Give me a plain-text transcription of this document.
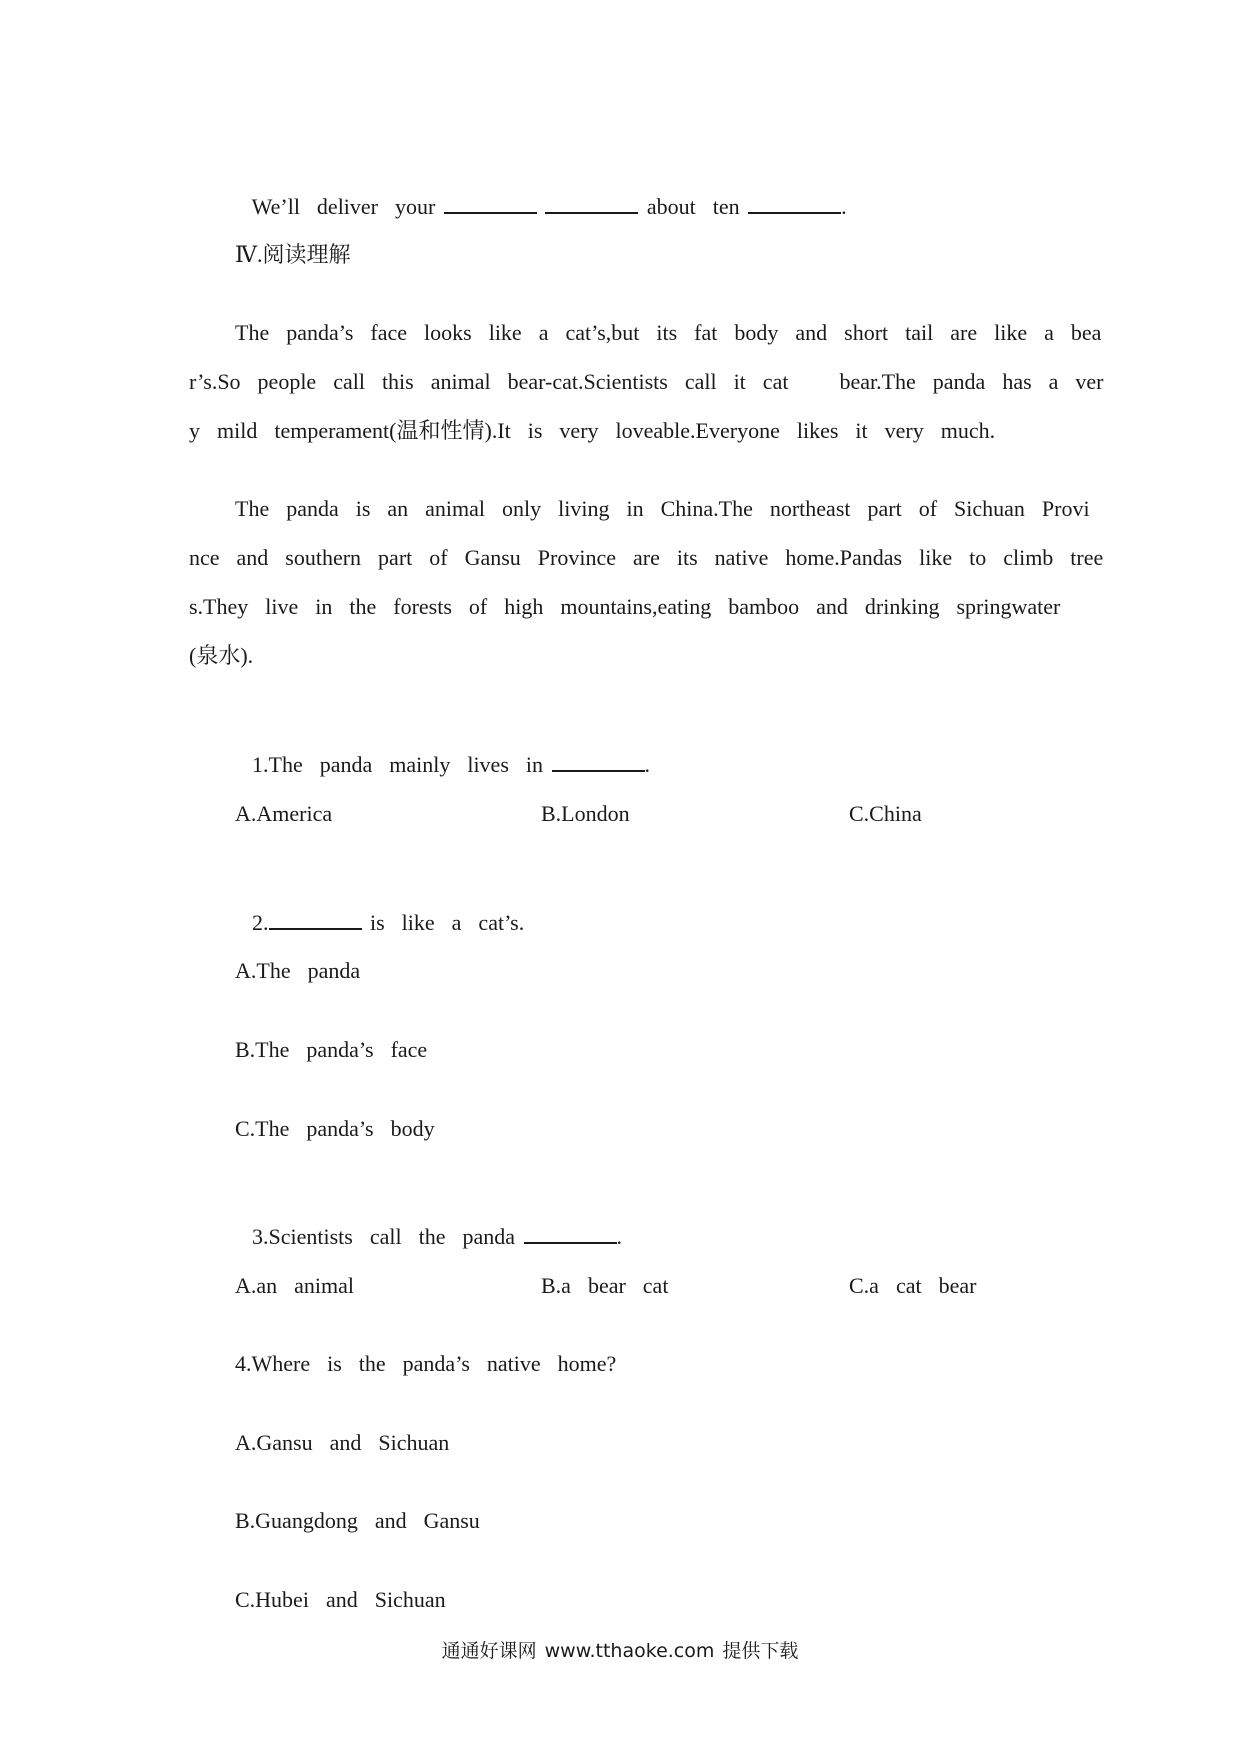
We’ll  deliver  your	about  ten	.

Ⅳ.阅读理解
The  panda’s  face  looks  like  a  cat’s,but  its  fat  body  and  short  tail  are  like  a  bea
r’s.So  people  call  this  animal  bear-cat.Scientists  call  it  cat      bear.The  panda  has  a  ver
y  mild  temperament(温和性情).It  is  very  loveable.Everyone  likes  it  very  much.
The  panda  is  an  animal  only  living  in  China.The  northeast  part  of  Sichuan  Provi
nce  and  southern  part  of  Gansu  Province  are  its  native  home.Pandas  like  to  climb  tree
s.They  live  in  the  forests  of  high  mountains,eating  bamboo  and  drinking  springwater
(泉水).

1.The  panda  mainly  lives  in	.

A.America	B.London	C.China

2.	is  like  a  cat’s.

A.The  panda
B.The  panda’s  face
C.The  panda’s  body

3.Scientists  call  the  panda	.

A.an  animal	B.a  bear  cat	C.a  cat  bear
4.Where  is  the  panda’s  native  home?
A.Gansu  and  Sichuan
B.Guangdong  and  Gansu
C.Hubei  and  Sichuan
通通好课网 www.tthaoke.com 提供下载
